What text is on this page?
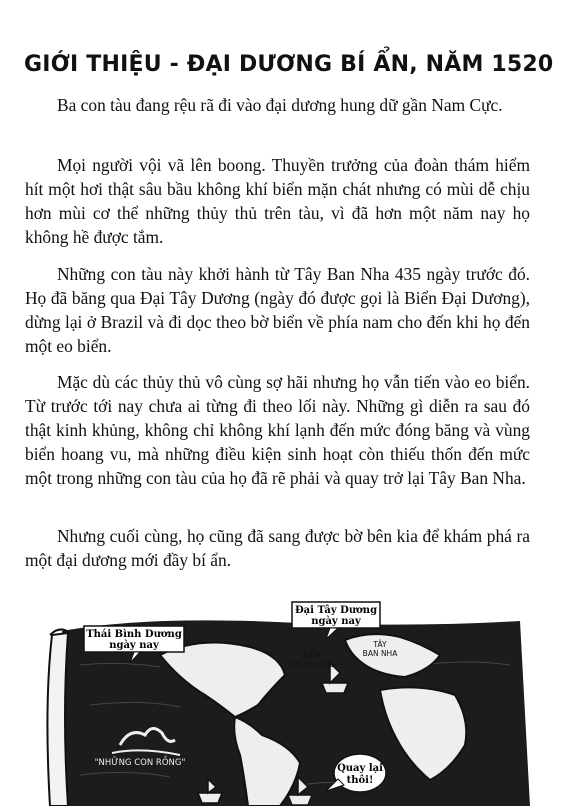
GIỚI THIỆU - ĐẠI DƯƠNG BÍ ẨN, NĂM 1520

Ba con tàu đang rệu rã đi vào đại dương hung dữ gần Nam Cực.

Mọi người vội vã lên boong. Thuyền trưởng của đoàn thám hiểm hít một hơi thật sâu bầu không khí biển mặn chát nhưng có mùi dễ chịu hơn mùi cơ thể những thủy thủ trên tàu, vì đã hơn một năm nay họ không hề được tắm.

Những con tàu này khởi hành từ Tây Ban Nha 435 ngày trước đó. Họ đã băng qua Đại Tây Dương (ngày đó được gọi là Biển Đại Dương), dừng lại ở Brazil và đi dọc theo bờ biển về phía nam cho đến khi họ đến một eo biển.

Mặc dù các thủy thủ vô cùng sợ hãi nhưng họ vẫn tiến vào eo biển. Từ trước tới nay chưa ai từng đi theo lối này. Những gì diễn ra sau đó thật kinh khủng, không chỉ không khí lạnh đến mức đóng băng và vùng biển hoang vu, mà những điều kiện sinh hoạt còn thiếu thốn đến mức một trong những con tàu của họ đã rẽ phải và quay trở lại Tây Ban Nha.

Nhưng cuối cùng, họ cũng đã sang được bờ bên kia để khám phá ra một đại dương mới đầy bí ẩn.

Thái Bình Dương
ngày nay
Đại Tây Dương
ngày nay
TÂY
BAN NHA
BIỂN
ĐẠI DƯƠNG
"NHỮNG CON RỒNG"	Quay lại
thôi!
